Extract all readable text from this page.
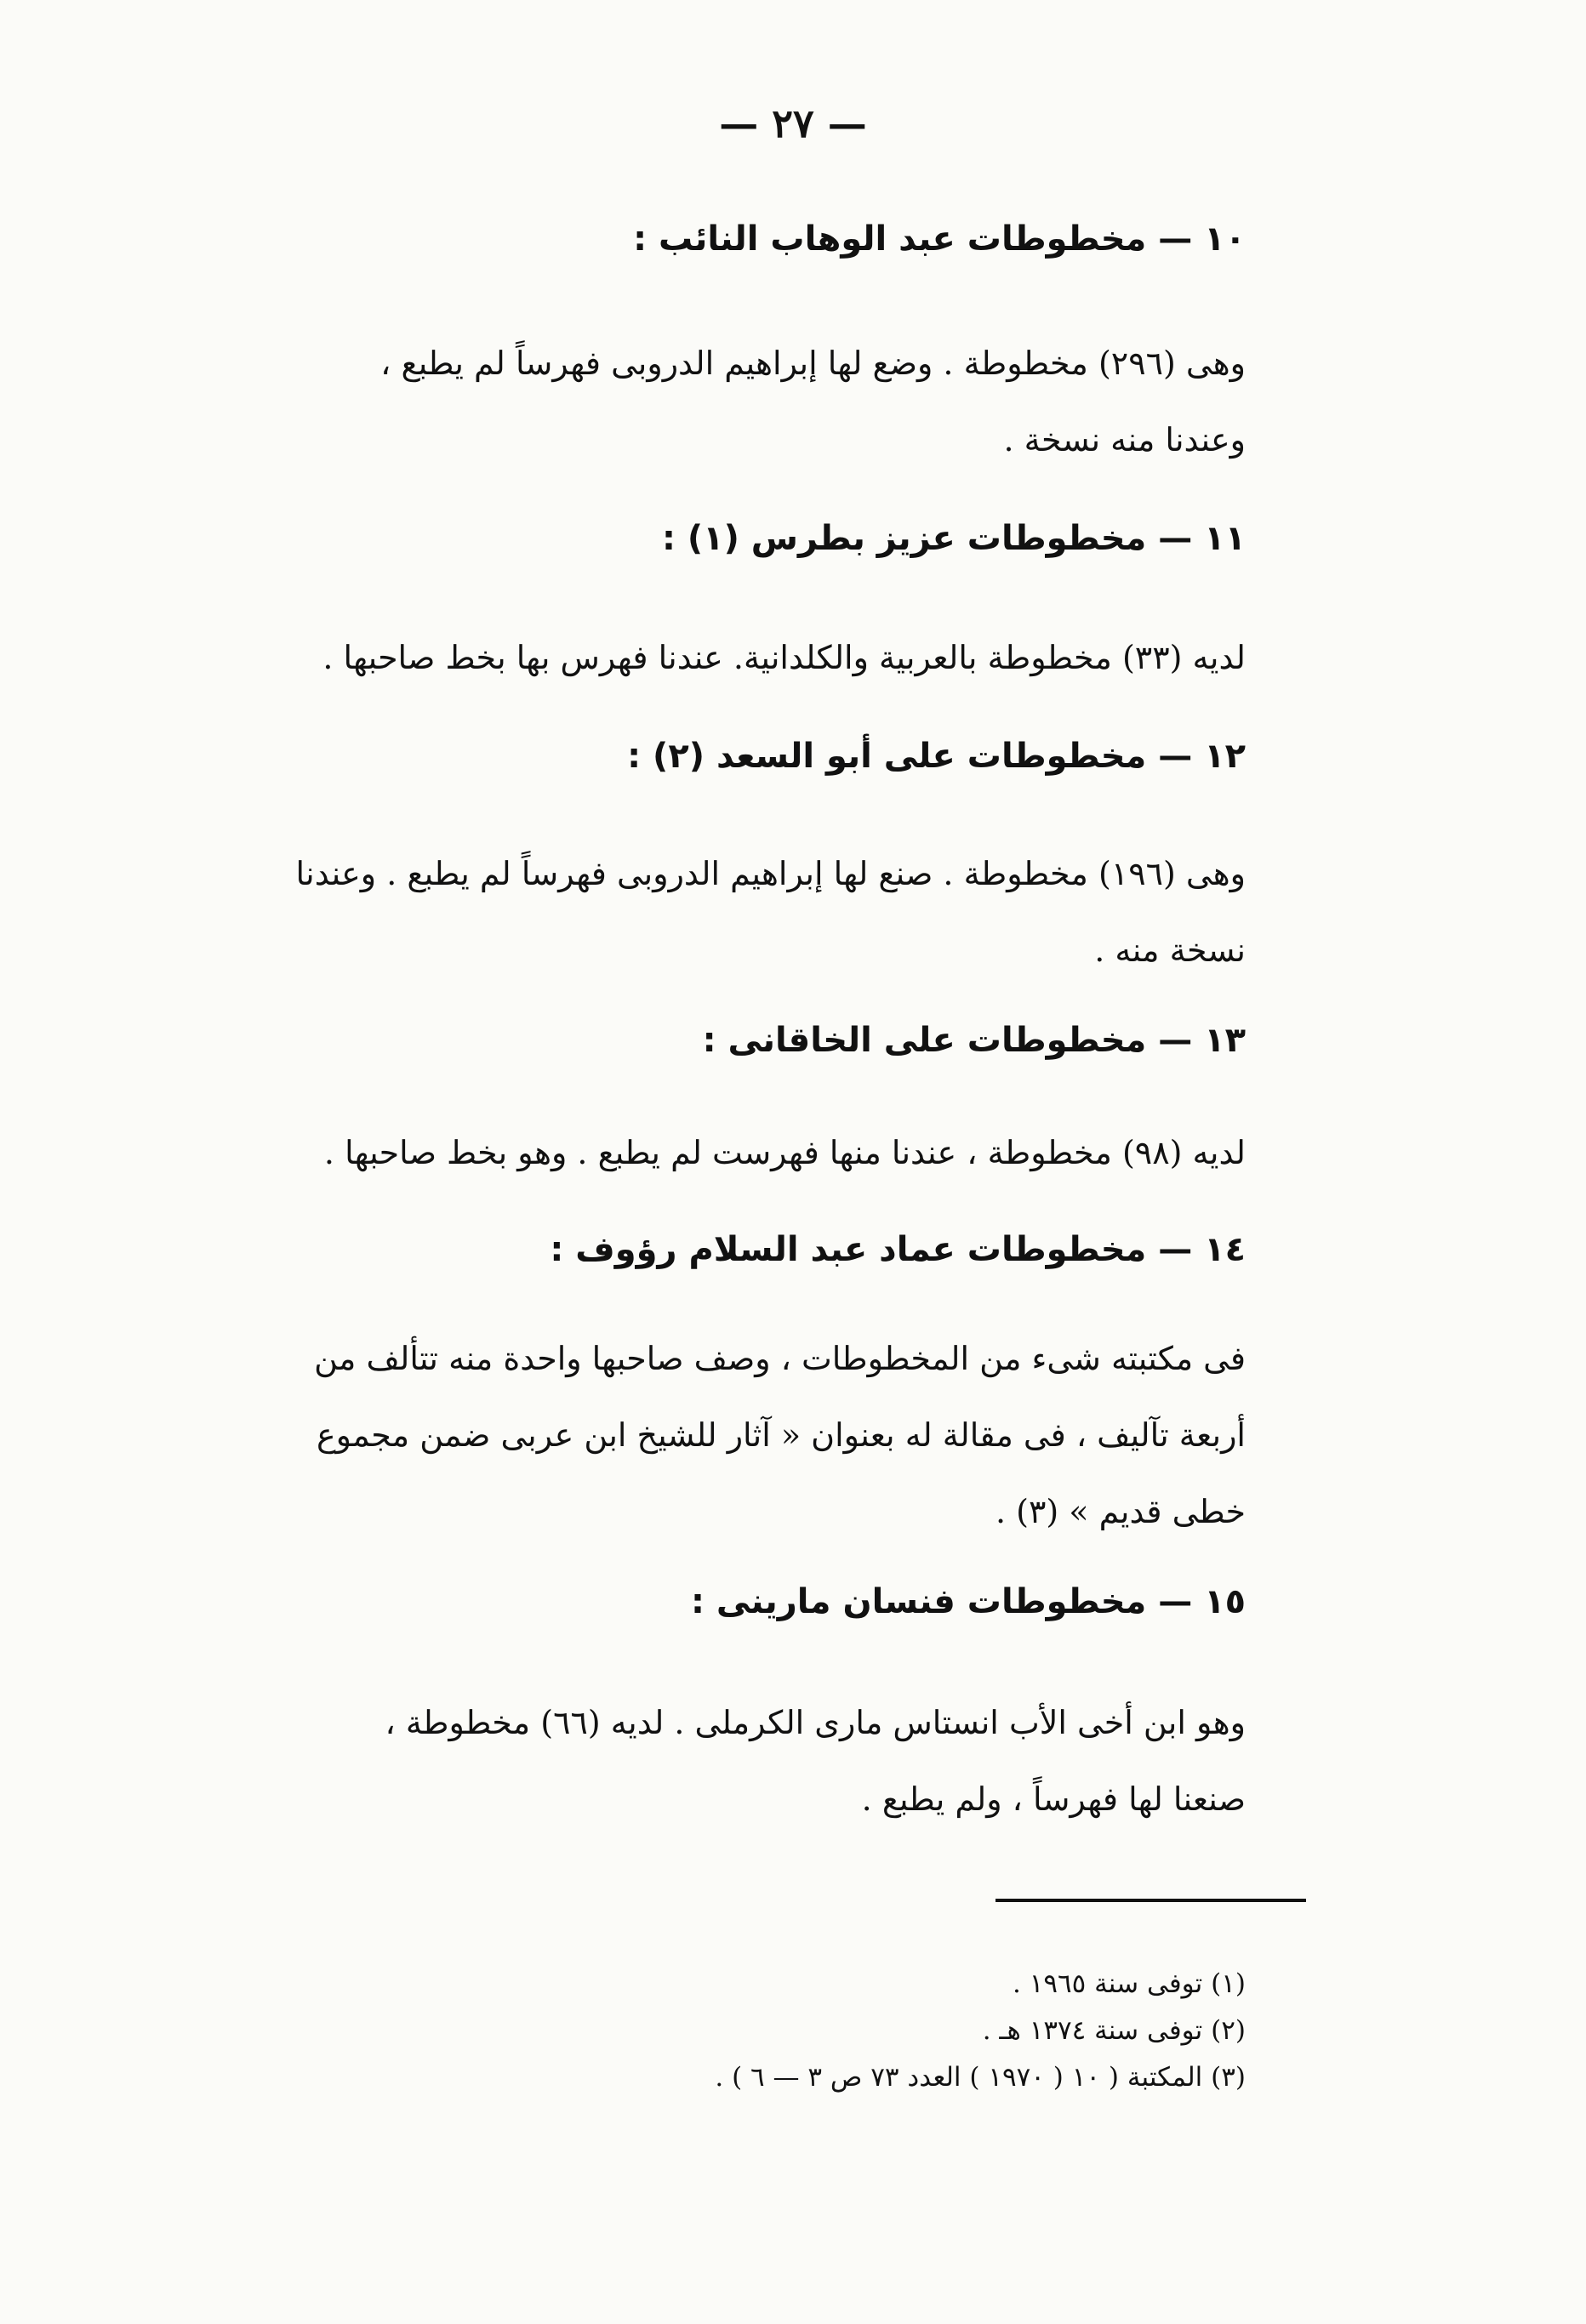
— ٢٧ —
١٠ — مخطوطات عبد الوهاب النائب :
وهى (٢٩٦) مخطوطة . وضع لها إبراهيم الدروبى فهرساً لم يطبع ،
وعندنا منه نسخة .
١١ — مخطوطات عزيز بطرس (١) :
لديه (٣٣) مخطوطة بالعربية والكلدانية. عندنا فهرس بها بخط صاحبها .
١٢ — مخطوطات على أبو السعد (٢) :
وهى (١٩٦) مخطوطة . صنع لها إبراهيم الدروبى فهرساً لم يطبع . وعندنا
نسخة منه .
١٣ — مخطوطات على الخاقانى :
لديه (٩٨) مخطوطة ، عندنا منها فهرست لم يطبع . وهو بخط صاحبها .
١٤ — مخطوطات عماد عبد السلام رؤوف :
فى مكتبته شىء من المخطوطات ، وصف صاحبها واحدة منه تتألف من
أربعة تآليف ، فى مقالة له بعنوان « آثار للشيخ ابن عربى ضمن مجموع
خطى قديم » (٣) .
١٥ — مخطوطات فنسان مارينى :
وهو ابن أخى الأب انستاس مارى الكرملى . لديه (٦٦) مخطوطة ،
صنعنا لها فهرساً ، ولم يطبع .
(١) توفى سنة ١٩٦٥ .
(٢) توفى سنة ١٣٧٤ هـ .
(٣) المكتبة ( ١٠ ( ١٩٧٠ ) العدد ٧٣ ص ٣ — ٦ ) .
